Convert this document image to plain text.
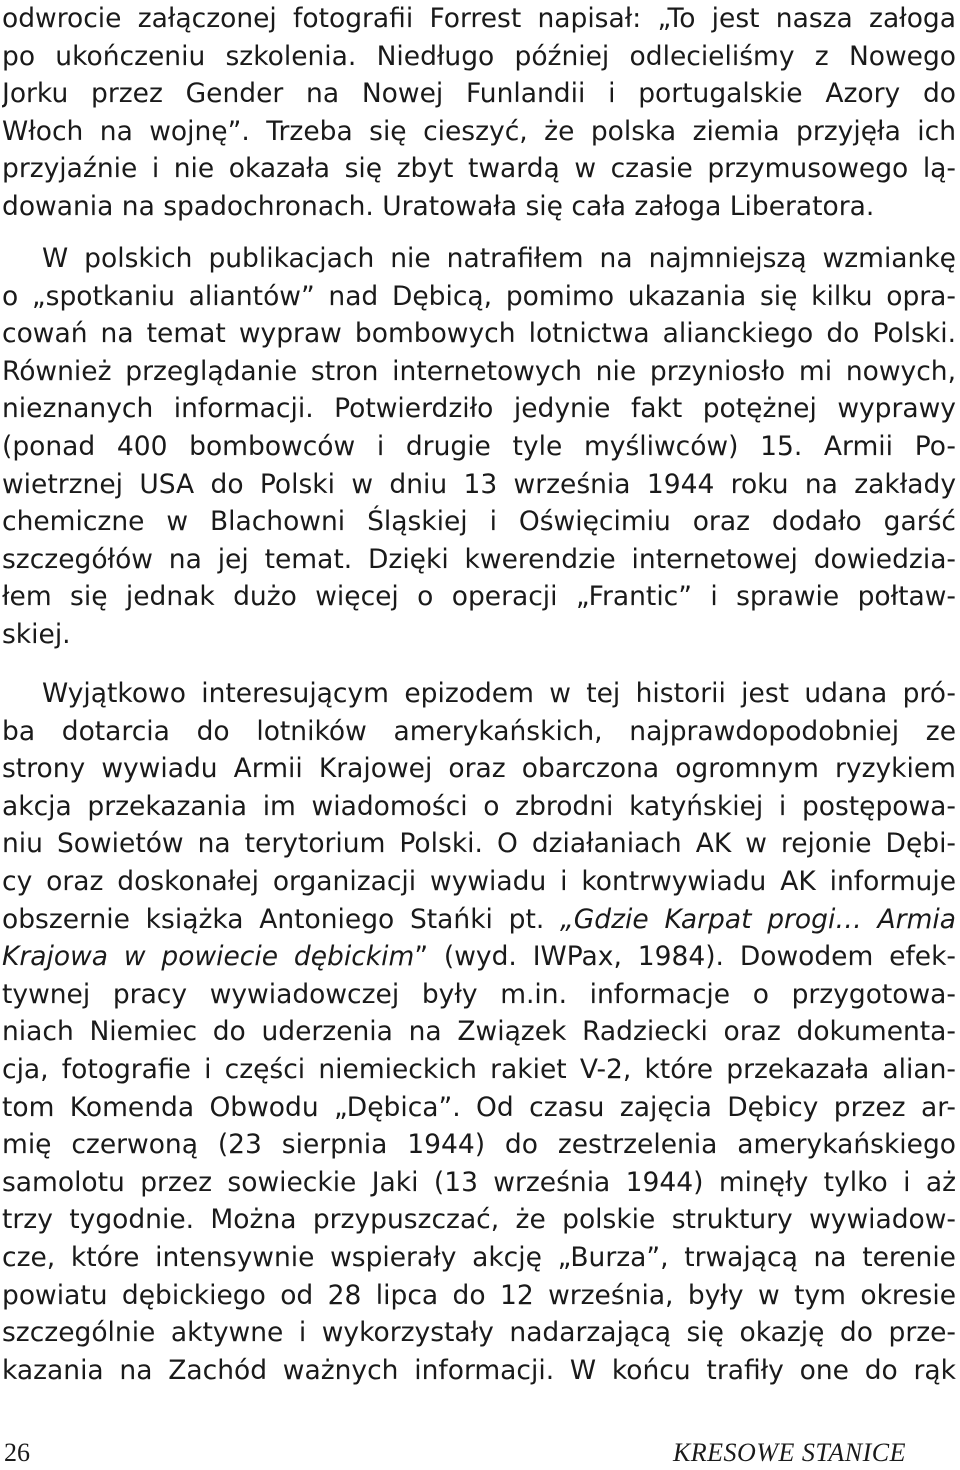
odwrocie załączonej fotografii Forrest napisał: „To jest nasza załoga
po ukończeniu szkolenia. Niedługo później odlecieliśmy z Nowego
Jorku przez Gender na Nowej Funlandii i portugalskie Azory do
Włoch na wojnę”. Trzeba się cieszyć, że polska ziemia przyjęła ich
przyjaźnie i nie okazała się zbyt twardą w czasie przymusowego lą-
dowania na spadochronach. Uratowała się cała załoga Liberatora.
W polskich publikacjach nie natrafiłem na najmniejszą wzmiankę
o „spotkaniu aliantów” nad Dębicą, pomimo ukazania się kilku opra-
cowań na temat wypraw bombowych lotnictwa alianckiego do Polski.
Również przeglądanie stron internetowych nie przyniosło mi nowych,
nieznanych informacji. Potwierdziło jedynie fakt potężnej wyprawy
(ponad 400 bombowców i drugie tyle myśliwców) 15. Armii Po-
wietrznej USA do Polski w dniu 13 września 1944 roku na zakłady
chemiczne w Blachowni Śląskiej i Oświęcimiu oraz dodało garść
szczegółów na jej temat. Dzięki kwerendzie internetowej dowiedzia-
łem się jednak dużo więcej o operacji „Frantic” i sprawie połtaw-
skiej.
Wyjątkowo interesującym epizodem w tej historii jest udana pró-
ba dotarcia do lotników amerykańskich, najprawdopodobniej ze
strony wywiadu Armii Krajowej oraz obarczona ogromnym ryzykiem
akcja przekazania im wiadomości o zbrodni katyńskiej i postępowa-
niu Sowietów na terytorium Polski. O działaniach AK w rejonie Dębi-
cy oraz doskonałej organizacji wywiadu i kontrwywiadu AK informuje
obszernie książka Antoniego Stańki pt. „Gdzie Karpat progi… Armia
Krajowa w powiecie dębickim” (wyd. IWPax, 1984). Dowodem efek-
tywnej pracy wywiadowczej były m.in. informacje o przygotowa-
niach Niemiec do uderzenia na Związek Radziecki oraz dokumenta-
cja, fotografie i części niemieckich rakiet V-2, które przekazała alian-
tom Komenda Obwodu „Dębica”. Od czasu zajęcia Dębicy przez ar-
mię czerwoną (23 sierpnia 1944) do zestrzelenia amerykańskiego
samolotu przez sowieckie Jaki (13 września 1944) minęły tylko i aż
trzy tygodnie. Można przypuszczać, że polskie struktury wywiadow-
cze, które intensywnie wspierały akcję „Burza”, trwającą na terenie
powiatu dębickiego od 28 lipca do 12 września, były w tym okresie
szczególnie aktywne i wykorzystały nadarzającą się okazję do prze-
kazania na Zachód ważnych informacji. W końcu trafiły one do rąk
26	KRESOWE STANICE
